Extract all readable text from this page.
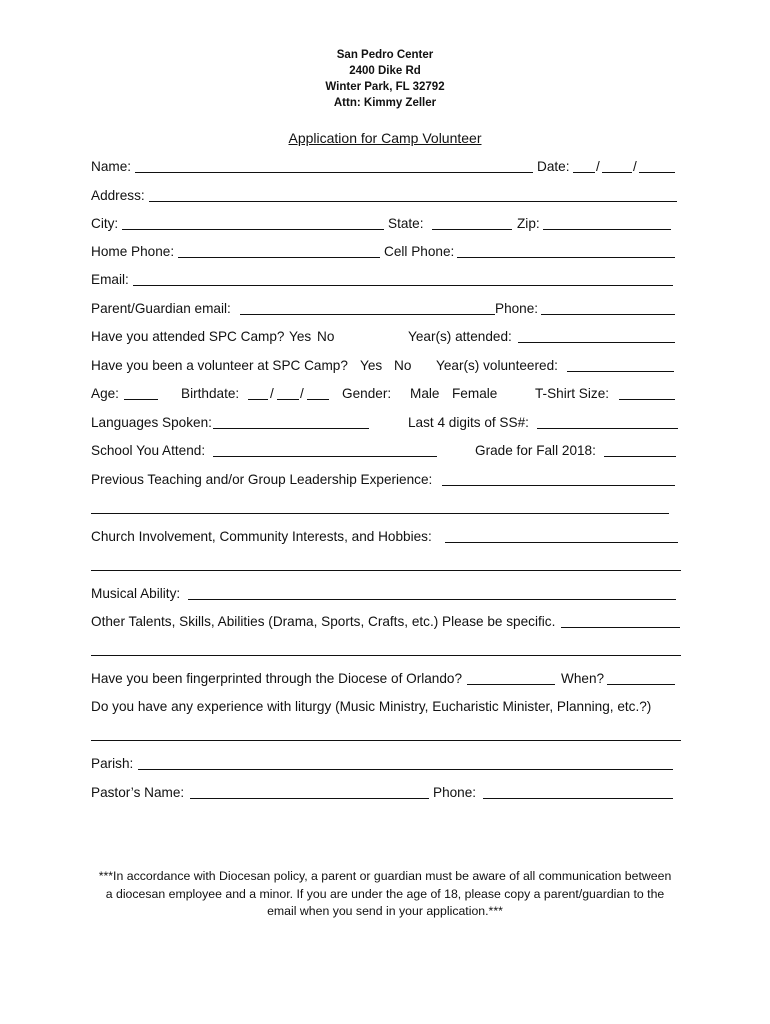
San Pedro Center
2400 Dike Rd
Winter Park, FL 32792
Attn: Kimmy Zeller
Application for Camp Volunteer
Name:	Date: / /
Address:
City:	State:	Zip:
Home Phone:	Cell Phone:
Email:
Parent/Guardian email:	Phone:
Have you attended SPC Camp? Yes No	Year(s) attended:
Have you been a volunteer at SPC Camp? Yes No Year(s) volunteered:
Age:	Birthdate: / /	Gender: Male Female	T-Shirt Size:
Languages Spoken:	Last 4 digits of SS#:
School You Attend:	Grade for Fall 2018:
Previous Teaching and/or Group Leadership Experience:
Church Involvement, Community Interests, and Hobbies:
Musical Ability:
Other Talents, Skills, Abilities (Drama, Sports, Crafts, etc.) Please be specific.
Have you been fingerprinted through the Diocese of Orlando?	When?
Do you have any experience with liturgy (Music Ministry, Eucharistic Minister, Planning, etc.?)
Parish:
Pastor’s Name:	Phone:

***In accordance with Diocesan policy, a parent or guardian must be aware of all communication between a diocesan employee and a minor. If you are under the age of 18, please copy a parent/guardian to the email when you send in your application.***
